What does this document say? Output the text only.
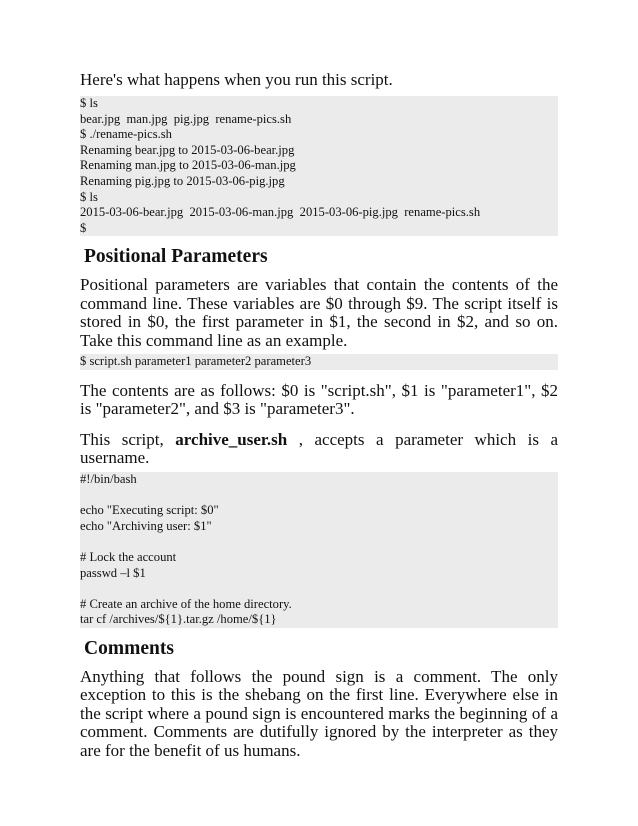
Here's what happens when you run this script.

$ ls
bear.jpg  man.jpg  pig.jpg  rename-pics.sh
$ ./rename-pics.sh
Renaming bear.jpg to 2015-03-06-bear.jpg
Renaming man.jpg to 2015-03-06-man.jpg
Renaming pig.jpg to 2015-03-06-pig.jpg
$ ls
2015-03-06-bear.jpg  2015-03-06-man.jpg  2015-03-06-pig.jpg  rename-pics.sh
$
Positional Parameters

Positional parameters are variables that contain the contents of the command line. These variables are $0 through $9. The script itself is stored in $0, the first parameter in $1, the second in $2, and so on. Take this command line as an example.

$ script.sh parameter1 parameter2 parameter3

The contents are as follows: $0 is "script.sh", $1 is "parameter1", $2 is "parameter2", and $3 is "parameter3".

This script, archive_user.sh , accepts a parameter which is a username.

#!/bin/bash
echo "Executing script: $0"
echo "Archiving user: $1"
# Lock the account
passwd –l $1
# Create an archive of the home directory.
tar cf /archives/${1}.tar.gz /home/${1}
Comments

Anything that follows the pound sign is a comment. The only exception to this is the shebang on the first line. Everywhere else in the script where a pound sign is encountered marks the beginning of a comment. Comments are dutifully ignored by the interpreter as they are for the benefit of us humans.
